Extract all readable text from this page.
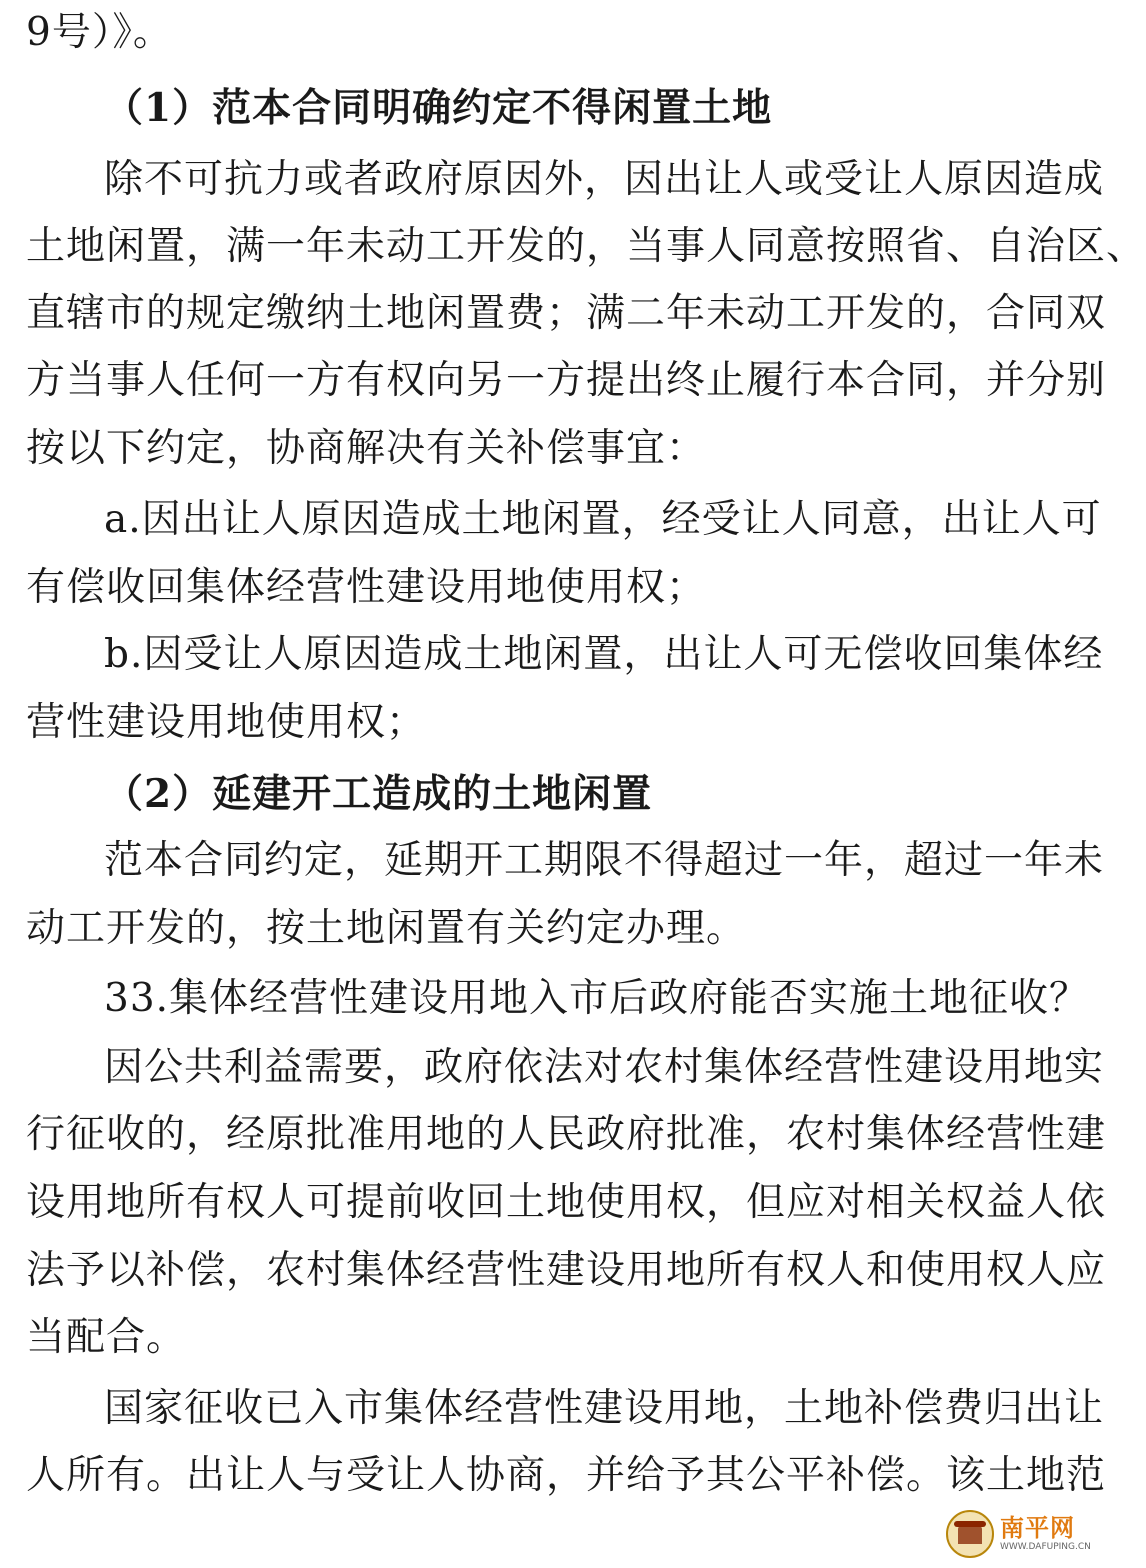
9号）》。
（1）范本合同明确约定不得闲置土地
除不可抗力或者政府原因外，因出让人或受让人原因造成
土地闲置，满一年未动工开发的，当事人同意按照省、自治区、
直辖市的规定缴纳土地闲置费；满二年未动工开发的，合同双
方当事人任何一方有权向另一方提出终止履行本合同，并分别
按以下约定，协商解决有关补偿事宜：
a.因出让人原因造成土地闲置，经受让人同意，出让人可
有偿收回集体经营性建设用地使用权；
b.因受让人原因造成土地闲置，出让人可无偿收回集体经
营性建设用地使用权；
（2）延建开工造成的土地闲置
范本合同约定，延期开工期限不得超过一年，超过一年未
动工开发的，按土地闲置有关约定办理。
33.集体经营性建设用地入市后政府能否实施土地征收？
因公共利益需要，政府依法对农村集体经营性建设用地实
行征收的，经原批准用地的人民政府批准，农村集体经营性建
设用地所有权人可提前收回土地使用权，但应对相关权益人依
法予以补偿，农村集体经营性建设用地所有权人和使用权人应
当配合。
国家征收已入市集体经营性建设用地，土地补偿费归出让
人所有。出让人与受让人协商，并给予其公平补偿。该土地范
南平网
WWW.DAFUPING.CN
